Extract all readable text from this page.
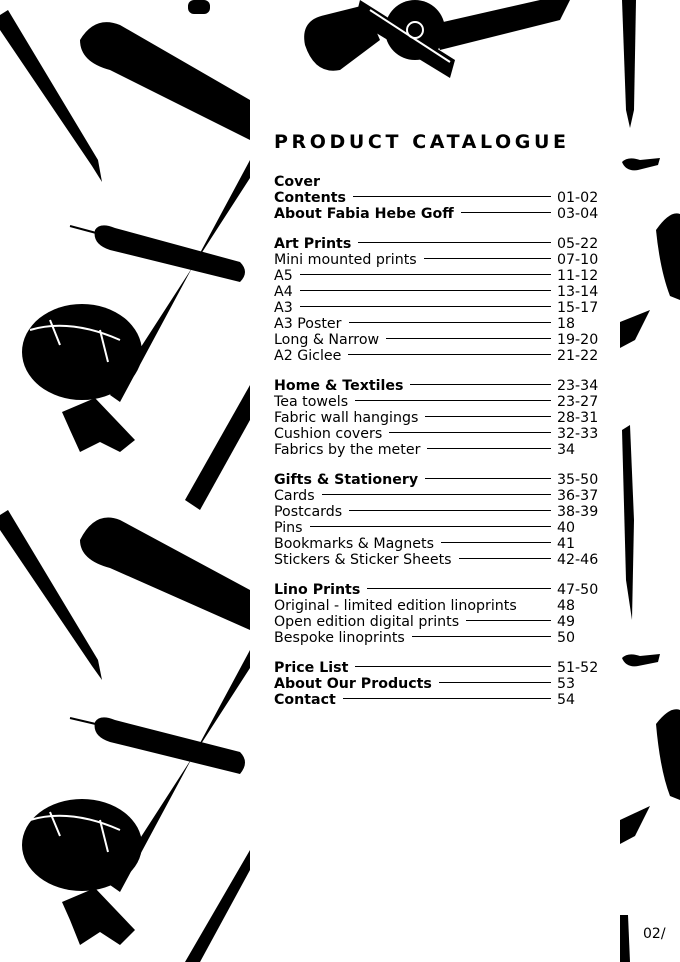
PRODUCT CATALOGUE
Cover
Contents	01-02
About Fabia Hebe Goff	03-04
Art Prints	05-22
Mini mounted prints	07-10
A5	11-12
A4	13-14
A3	15-17
A3 Poster	18
Long & Narrow	19-20
A2 Giclee	21-22
Home & Textiles	23-34
Tea towels	23-27
Fabric wall hangings	28-31
Cushion covers	32-33
Fabrics by the meter	34
Gifts & Stationery	35-50
Cards	36-37
Postcards	38-39
Pins	40
Bookmarks & Magnets	41
Stickers & Sticker Sheets	42-46
Lino Prints	47-50
Original - limited edition linoprints	48
Open edition digital prints	49
Bespoke linoprints	50
Price List	51-52
About Our Products	53
Contact	54
02/
